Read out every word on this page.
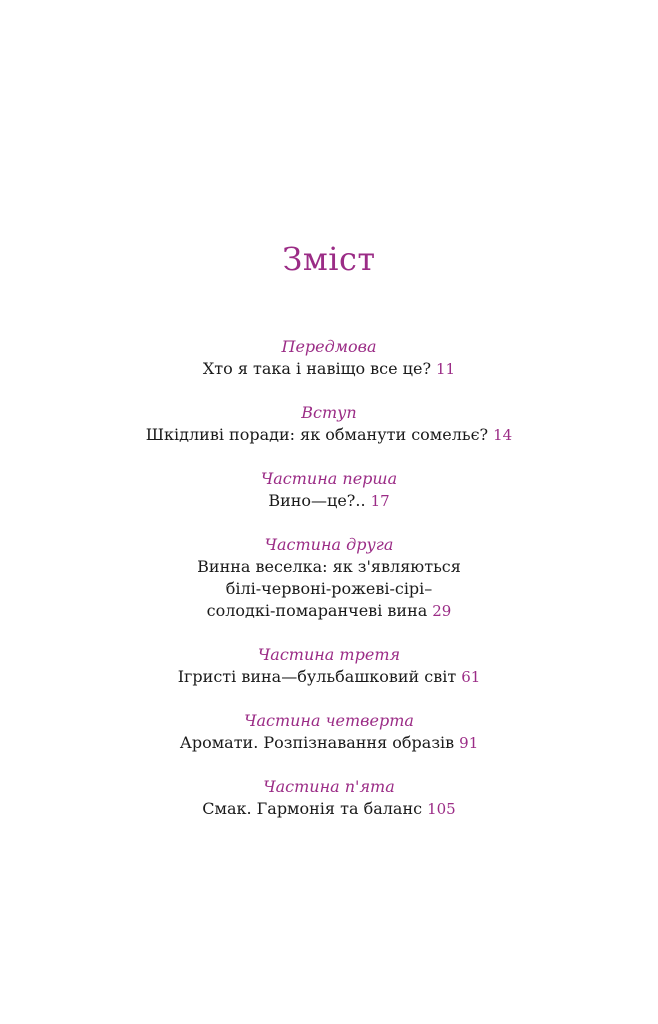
Зміст
Передмова
Хто я така і навіщо все це? 11
Вступ
Шкідливі поради: як обманути сомельє? 14
Частина перша
Вино—це?.. 17
Частина друга
Винна веселка: як з'являються
білі-червоні-рожеві-сірі–
солодкі-помаранчеві вина 29
Частина третя
Ігристі вина—бульбашковий світ 61
Частина четверта
Аромати. Розпізнавання образів 91
Частина п'ята
Смак. Гармонія та баланс 105
